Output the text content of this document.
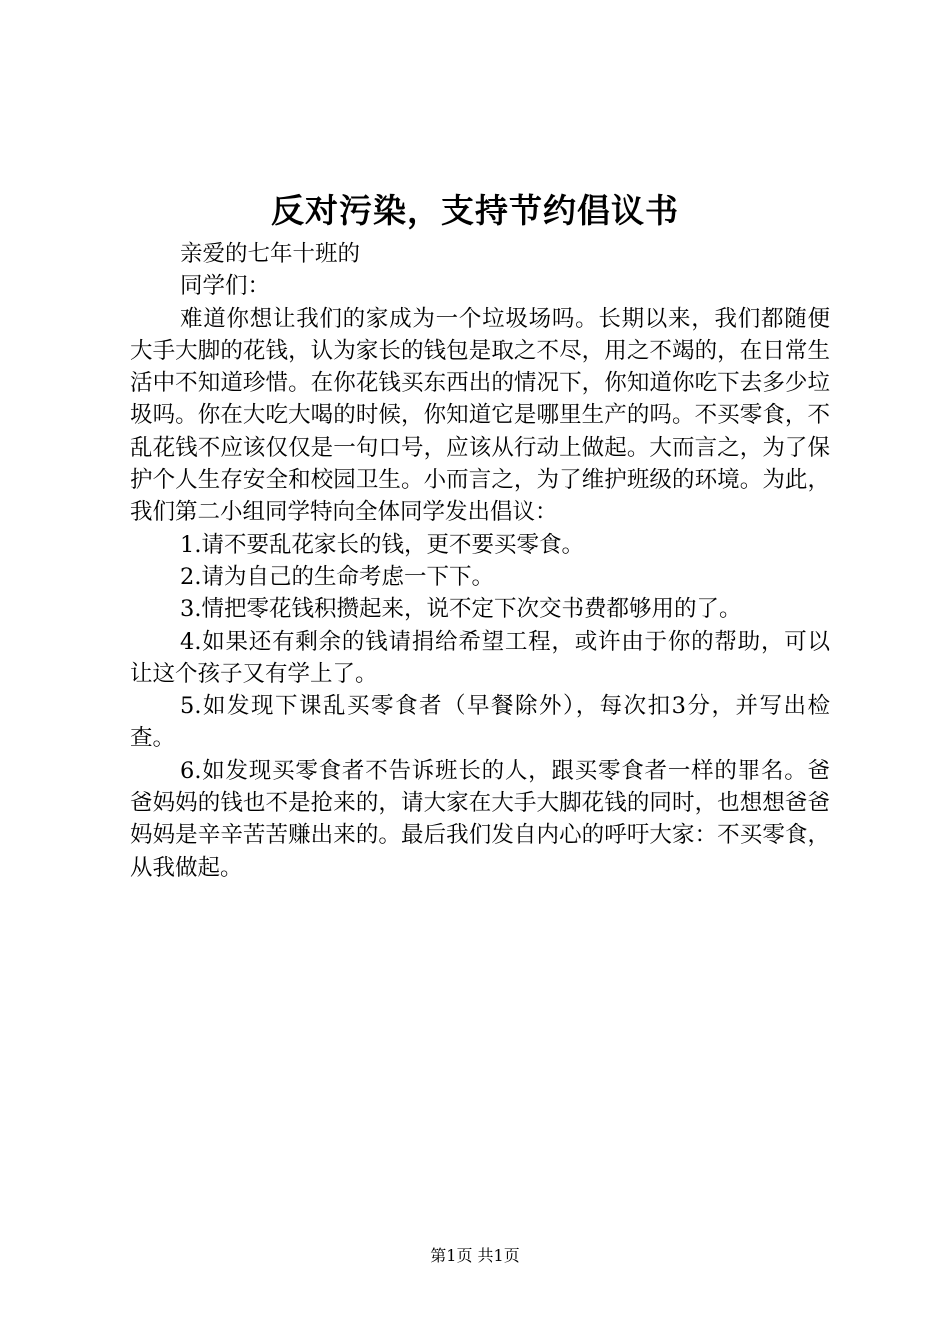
反对污染，支持节约倡议书

亲爱的七年十班的

同学们：

难道你想让我们的家成为一个垃圾场吗。长期以来，我们都随便大手大脚的花钱，认为家长的钱包是取之不尽，用之不竭的，在日常生活中不知道珍惜。在你花钱买东西出的情况下，你知道你吃下去多少垃圾吗。你在大吃大喝的时候，你知道它是哪里生产的吗。不买零食，不乱花钱不应该仅仅是一句口号，应该从行动上做起。大而言之，为了保护个人生存安全和校园卫生。小而言之，为了维护班级的环境。为此，我们第二小组同学特向全体同学发出倡议：

1.请不要乱花家长的钱，更不要买零食。

2.请为自己的生命考虑一下下。

3.情把零花钱积攒起来，说不定下次交书费都够用的了。

4.如果还有剩余的钱请捐给希望工程，或许由于你的帮助，可以让这个孩子又有学上了。

5.如发现下课乱买零食者（早餐除外），每次扣3分，并写出检查。

6.如发现买零食者不告诉班长的人，跟买零食者一样的罪名。爸爸妈妈的钱也不是抢来的，请大家在大手大脚花钱的同时，也想想爸爸妈妈是辛辛苦苦赚出来的。最后我们发自内心的呼吁大家：不买零食，从我做起。

第1页 共1页
